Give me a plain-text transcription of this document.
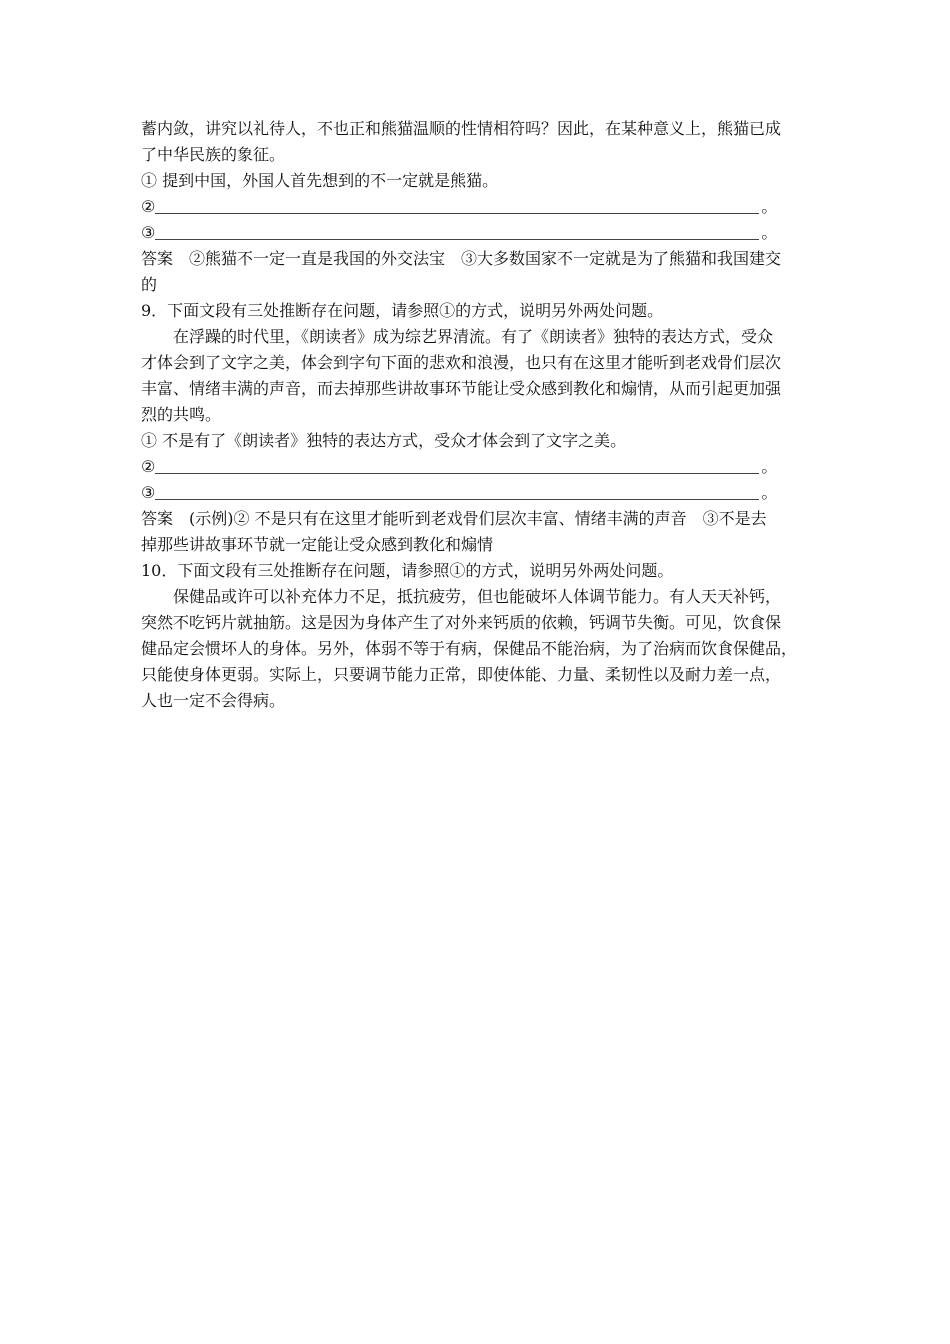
蓄内敛，讲究以礼待人，不也正和熊猫温顺的性情相符吗？因此，在某种意义上，熊猫已成
了中华民族的象征。
① 提到中国，外国人首先想到的不一定就是熊猫。
②	。
③	。
答案　②熊猫不一定一直是我国的外交法宝　③大多数国家不一定就是为了熊猫和我国建交
的
9．下面文段有三处推断存在问题，请参照①的方式，说明另外两处问题。
在浮躁的时代里，《朗读者》成为综艺界清流。有了《朗读者》独特的表达方式，受众
才体会到了文字之美，体会到字句下面的悲欢和浪漫，也只有在这里才能听到老戏骨们层次
丰富、情绪丰满的声音，而去掉那些讲故事环节能让受众感到教化和煽情，从而引起更加强
烈的共鸣。
① 不是有了《朗读者》独特的表达方式，受众才体会到了文字之美。
②	。
③	。
答案　(示例)② 不是只有在这里才能听到老戏骨们层次丰富、情绪丰满的声音　③不是去
掉那些讲故事环节就一定能让受众感到教化和煽情
10．下面文段有三处推断存在问题，请参照①的方式，说明另外两处问题。
保健品或许可以补充体力不足，抵抗疲劳，但也能破坏人体调节能力。有人天天补钙，
突然不吃钙片就抽筋。这是因为身体产生了对外来钙质的依赖，钙调节失衡。可见，饮食保
健品定会惯坏人的身体。另外，体弱不等于有病，保健品不能治病，为了治病而饮食保健品，
只能使身体更弱。实际上，只要调节能力正常，即使体能、力量、柔韧性以及耐力差一点，
人也一定不会得病。
